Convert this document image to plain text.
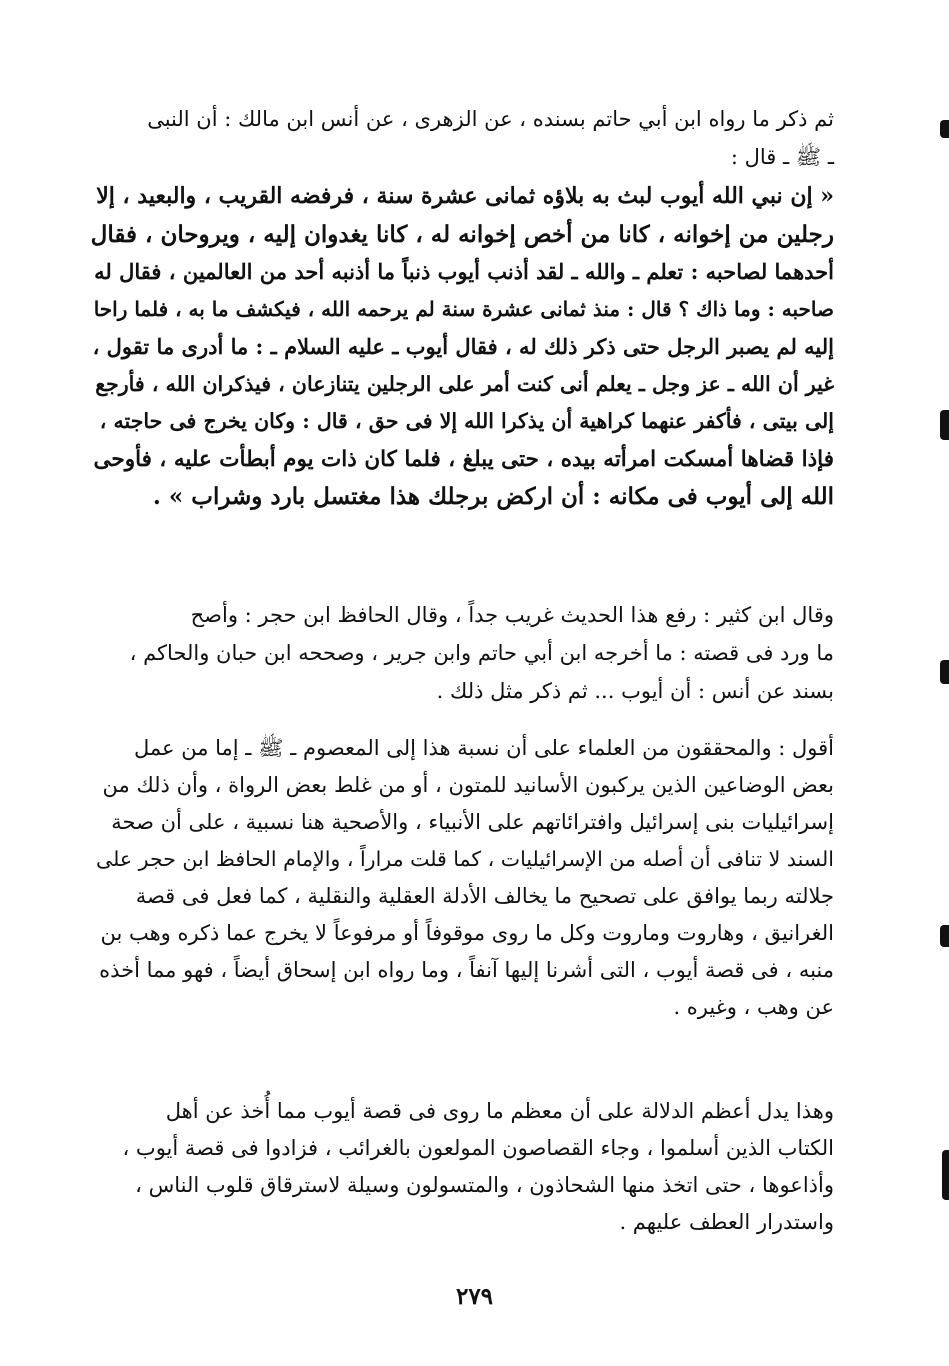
ثم ذكر ما رواه ابن أبي حاتم بسنده ، عن الزهرى ، عن أنس ابن مالك : أن النبى
ـ ﷺ ـ قال :
« إن نبي الله أيوب لبث به بلاؤه ثمانى عشرة سنة ، فرفضه القريب ، والبعيد ، إلا
رجلين من إخوانه ، كانا من أخص إخوانه له ، كانا يغدوان إليه ، ويروحان ، فقال
أحدهما لصاحبه : تعلم ـ والله ـ لقد أذنب أيوب ذنباً ما أذنبه أحد من العالمين ، فقال له
صاحبه : وما ذاك ؟ قال : منذ ثمانى عشرة سنة لم يرحمه الله ، فيكشف ما به ، فلما راحا
إليه لم يصبر الرجل حتى ذكر ذلك له ، فقال أيوب ـ عليه السلام ـ : ما أدرى ما تقول ،
غير أن الله ـ عز وجل ـ يعلم أنى كنت أمر على الرجلين يتنازعان ، فيذكران الله ، فأرجع
إلى بيتى ، فأكفر عنهما كراهية أن يذكرا الله إلا فى حق ، قال : وكان يخرج فى حاجته ،
فإذا قضاها أمسكت امرأته بيده ، حتى يبلغ ، فلما كان ذات يوم أبطأت عليه ، فأوحى
الله إلى أيوب فى مكانه : أن اركض برجلك هذا مغتسل بارد وشراب » .
وقال ابن كثير : رفع هذا الحديث غريب جداً ، وقال الحافظ ابن حجر : وأصح
ما ورد فى قصته : ما أخرجه ابن أبي حاتم وابن جرير ، وصححه ابن حبان والحاكم ،
بسند عن أنس : أن أيوب ... ثم ذكر مثل ذلك .
أقول : والمحققون من العلماء على أن نسبة هذا إلى المعصوم ـ ﷺ ـ إما من عمل
بعض الوضاعين الذين يركبون الأسانيد للمتون ، أو من غلط بعض الرواة ، وأن ذلك من
إسرائيليات بنى إسرائيل وافترائاتهم على الأنبياء ، والأصحية هنا نسبية ، على أن صحة
السند لا تنافى أن أصله من الإسرائيليات ، كما قلت مراراً ، والإمام الحافظ ابن حجر على
جلالته ربما يوافق على تصحيح ما يخالف الأدلة العقلية والنقلية ، كما فعل فى قصة
الغرانيق ، وهاروت وماروت وكل ما روى موقوفاً أو مرفوعاً لا يخرج عما ذكره وهب بن
منبه ، فى قصة أيوب ، التى أشرنا إليها آنفاً ، وما رواه ابن إسحاق أيضاً ، فهو مما أخذه
عن وهب ، وغيره .
وهذا يدل أعظم الدلالة على أن معظم ما روى فى قصة أيوب مما أُخذ عن أهل
الكتاب الذين أسلموا ، وجاء القصاصون المولعون بالغرائب ، فزادوا فى قصة أيوب ،
وأذاعوها ، حتى اتخذ منها الشحاذون ، والمتسولون وسيلة لاسترقاق قلوب الناس ،
واستدرار العطف عليهم .
٢٧٩
